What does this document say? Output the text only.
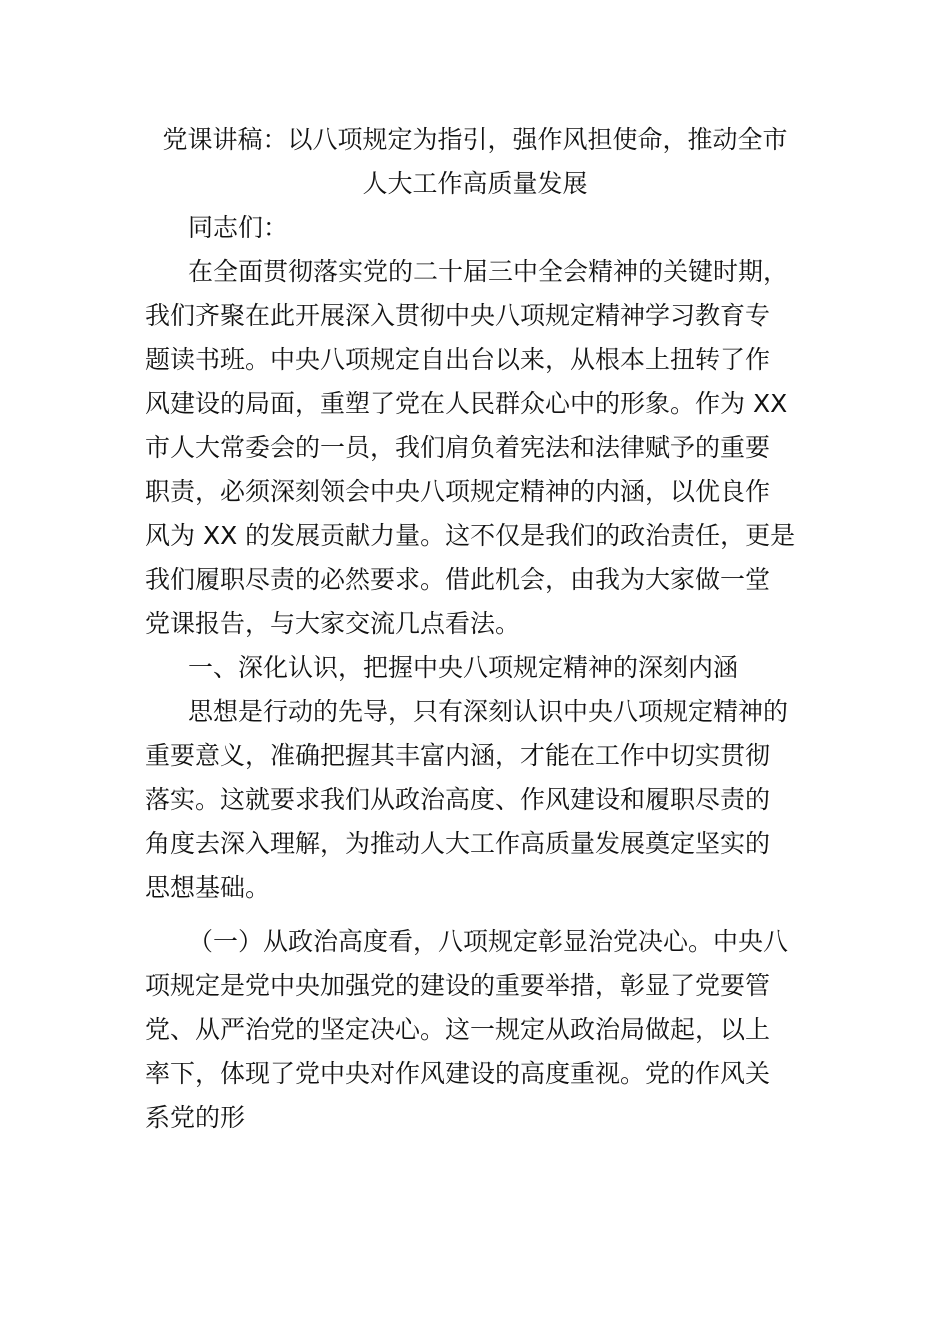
党课讲稿：以八项规定为指引，强作风担使命，推动全市
人大工作高质量发展

同志们：

在全面贯彻落实党的二十届三中全会精神的关键时期，

我们齐聚在此开展深入贯彻中央八项规定精神学习教育专

题读书班。中央八项规定自出台以来，从根本上扭转了作

风建设的局面，重塑了党在人民群众心中的形象。作为 XX

市人大常委会的一员，我们肩负着宪法和法律赋予的重要

职责，必须深刻领会中央八项规定精神的内涵，以优良作

风为 XX 的发展贡献力量。这不仅是我们的政治责任，更是

我们履职尽责的必然要求。借此机会，由我为大家做一堂

党课报告，与大家交流几点看法。

一、深化认识，把握中央八项规定精神的深刻内涵

思想是行动的先导，只有深刻认识中央八项规定精神的

重要意义，准确把握其丰富内涵，才能在工作中切实贯彻

落实。这就要求我们从政治高度、作风建设和履职尽责的

角度去深入理解，为推动人大工作高质量发展奠定坚实的

思想基础。

（一）从政治高度看，八项规定彰显治党决心。中央八

项规定是党中央加强党的建设的重要举措，彰显了党要管

党、从严治党的坚定决心。这一规定从政治局做起，以上

率下，体现了党中央对作风建设的高度重视。党的作风关

系党的形
